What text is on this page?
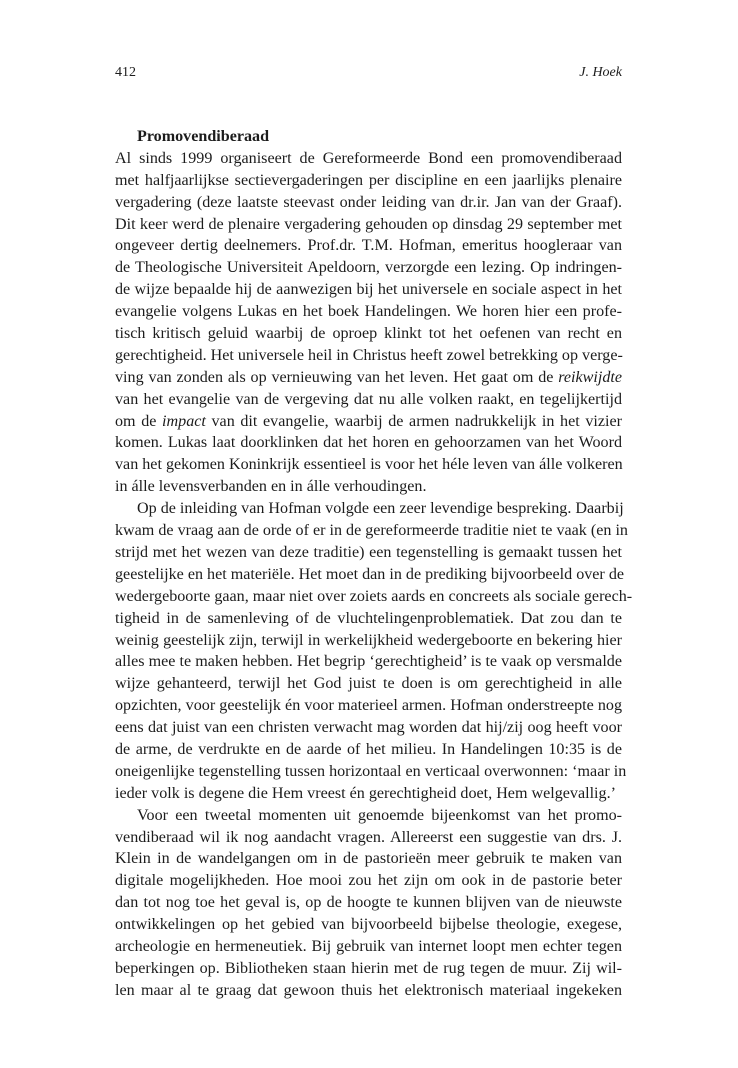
412	J. Hoek
Promovendiberaad
Al sinds 1999 organiseert de Gereformeerde Bond een promovendiberaad
met halfjaarlijkse sectievergaderingen per discipline en een jaarlijks plenaire
vergadering (deze laatste steevast onder leiding van dr.ir. Jan van der Graaf).
Dit keer werd de plenaire vergadering gehouden op dinsdag 29 september met
ongeveer dertig deelnemers. Prof.dr. T.M. Hofman, emeritus hoogleraar van
de Theologische Universiteit Apeldoorn, verzorgde een lezing. Op indringen-
de wijze bepaalde hij de aanwezigen bij het universele en sociale aspect in het
evangelie volgens Lukas en het boek Handelingen. We horen hier een profe-
tisch kritisch geluid waarbij de oproep klinkt tot het oefenen van recht en
gerechtigheid. Het universele heil in Christus heeft zowel betrekking op verge-
ving van zonden als op vernieuwing van het leven. Het gaat om de reikwijdte
van het evangelie van de vergeving dat nu alle volken raakt, en tegelijkertijd
om de impact van dit evangelie, waarbij de armen nadrukkelijk in het vizier
komen. Lukas laat doorklinken dat het horen en gehoorzamen van het Woord
van het gekomen Koninkrijk essentieel is voor het héle leven van álle volkeren
in álle levensverbanden en in álle verhoudingen.
Op de inleiding van Hofman volgde een zeer levendige bespreking. Daarbij
kwam de vraag aan de orde of er in de gereformeerde traditie niet te vaak (en in
strijd met het wezen van deze traditie) een tegenstelling is gemaakt tussen het
geestelijke en het materiële. Het moet dan in de prediking bijvoorbeeld over de
wedergeboorte gaan, maar niet over zoiets aards en concreets als sociale gerech-
tigheid in de samenleving of de vluchtelingenproblematiek. Dat zou dan te
weinig geestelijk zijn, terwijl in werkelijkheid wedergeboorte en bekering hier
alles mee te maken hebben. Het begrip ‘gerechtigheid’ is te vaak op versmalde
wijze gehanteerd, terwijl het God juist te doen is om gerechtigheid in alle
opzichten, voor geestelijk én voor materieel armen. Hofman onderstreepte nog
eens dat juist van een christen verwacht mag worden dat hij/zij oog heeft voor
de arme, de verdrukte en de aarde of het milieu. In Handelingen 10:35 is de
oneigenlijke tegenstelling tussen horizontaal en verticaal overwonnen: ‘maar in
ieder volk is degene die Hem vreest én gerechtigheid doet, Hem welgevallig.’
Voor een tweetal momenten uit genoemde bijeenkomst van het promo-
vendiberaad wil ik nog aandacht vragen. Allereerst een suggestie van drs. J.
Klein in de wandelgangen om in de pastorieën meer gebruik te maken van
digitale mogelijkheden. Hoe mooi zou het zijn om ook in de pastorie beter
dan tot nog toe het geval is, op de hoogte te kunnen blijven van de nieuwste
ontwikkelingen op het gebied van bijvoorbeeld bijbelse theologie, exegese,
archeologie en hermeneutiek. Bij gebruik van internet loopt men echter tegen
beperkingen op. Bibliotheken staan hierin met de rug tegen de muur. Zij wil-
len maar al te graag dat gewoon thuis het elektronisch materiaal ingekeken
